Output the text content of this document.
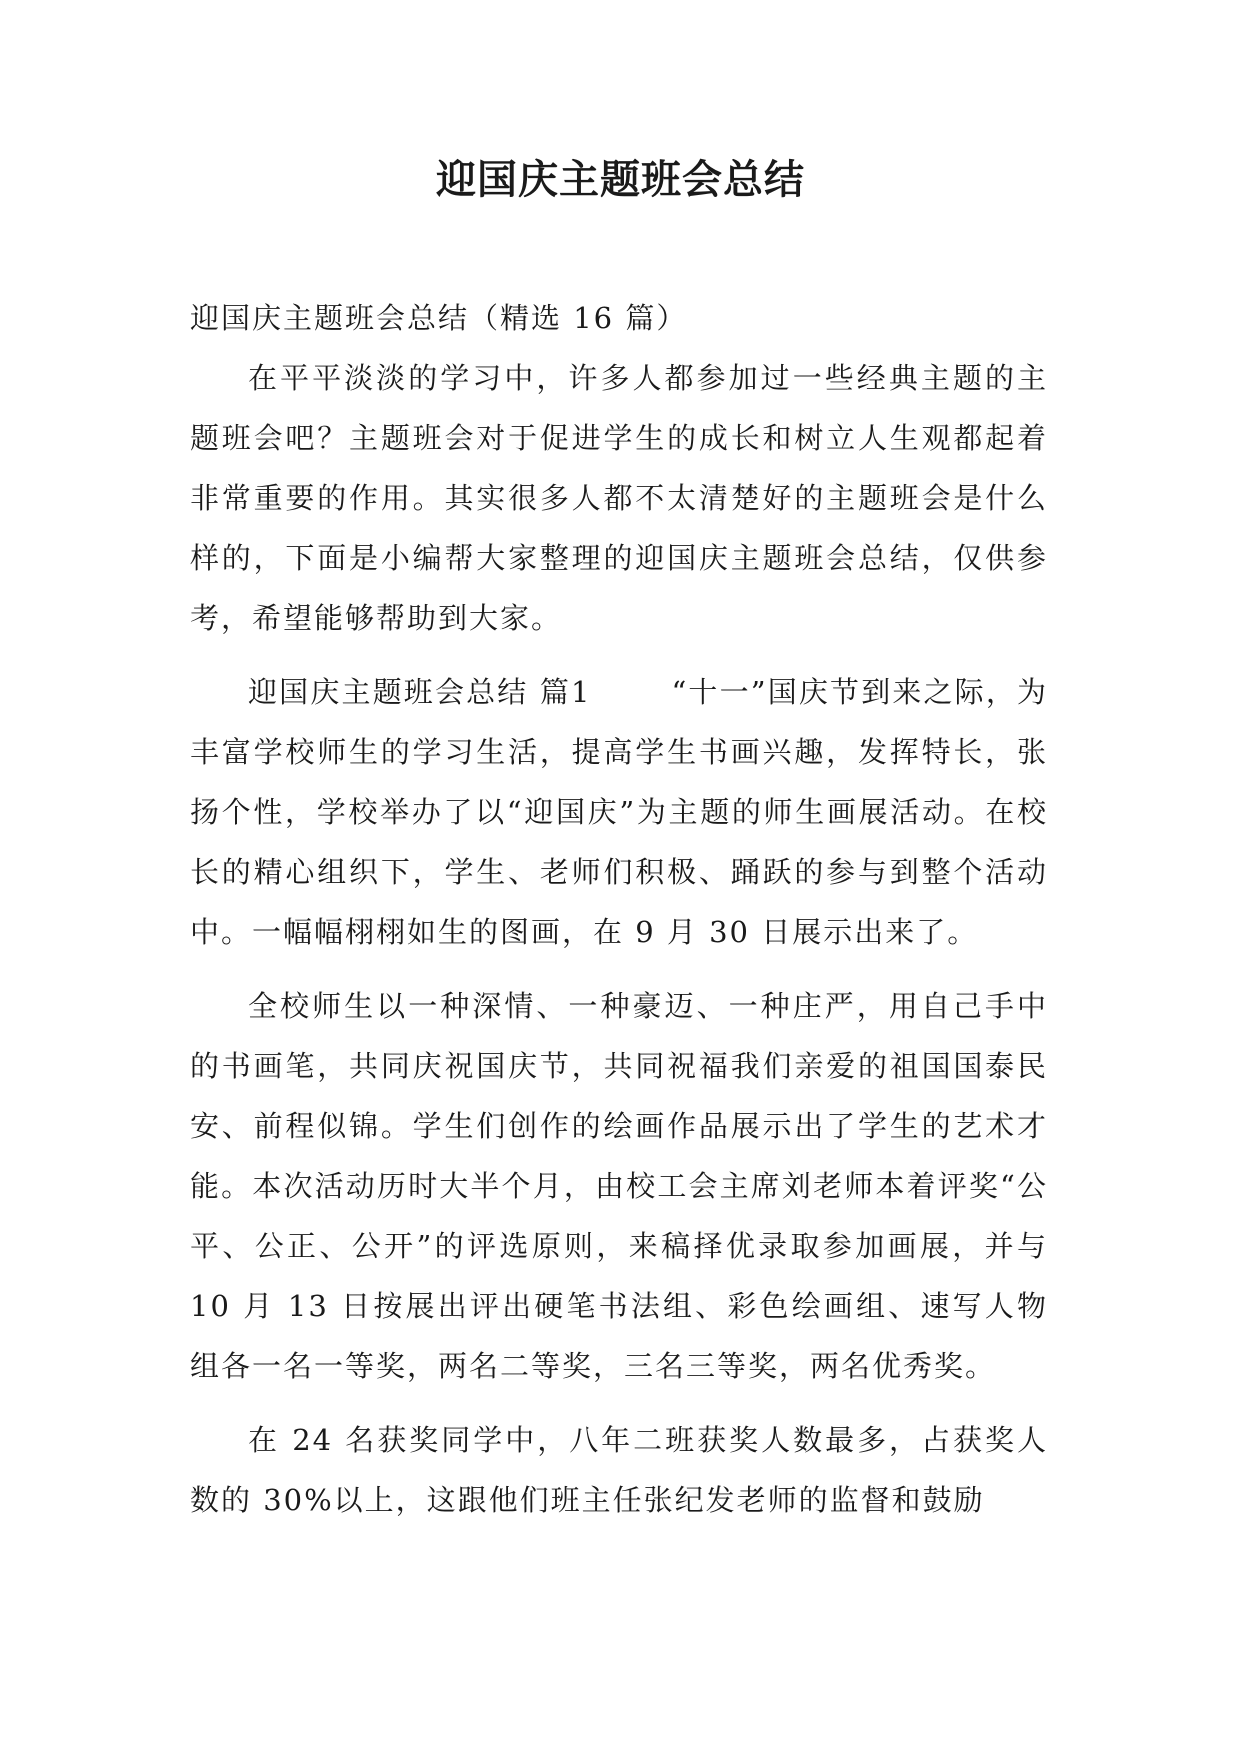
迎国庆主题班会总结

迎国庆主题班会总结（精选 16 篇）

在平平淡淡的学习中，许多人都参加过一些经典主题的主题班会吧？主题班会对于促进学生的成长和树立人生观都起着非常重要的作用。其实很多人都不太清楚好的主题班会是什么样的，下面是小编帮大家整理的迎国庆主题班会总结，仅供参考，希望能够帮助到大家。

迎国庆主题班会总结 篇1	“十一”国庆节到来之际，为丰富学校师生的学习生活，提高学生书画兴趣，发挥特长，张扬个性，学校举办了以“迎国庆”为主题的师生画展活动。在校长的精心组织下，学生、老师们积极、踊跃的参与到整个活动中。一幅幅栩栩如生的图画，在 9 月 30 日展示出来了。

全校师生以一种深情、一种豪迈、一种庄严，用自己手中的书画笔，共同庆祝国庆节，共同祝福我们亲爱的祖国国泰民安、前程似锦。学生们创作的绘画作品展示出了学生的艺术才能。本次活动历时大半个月，由校工会主席刘老师本着评奖“公平、公正、公开”的评选原则，来稿择优录取参加画展，并与 10 月 13 日按展出评出硬笔书法组、彩色绘画组、速写人物组各一名一等奖，两名二等奖，三名三等奖，两名优秀奖。

在 24 名获奖同学中，八年二班获奖人数最多，占获奖人数的 30%以上，这跟他们班主任张纪发老师的监督和鼓励
